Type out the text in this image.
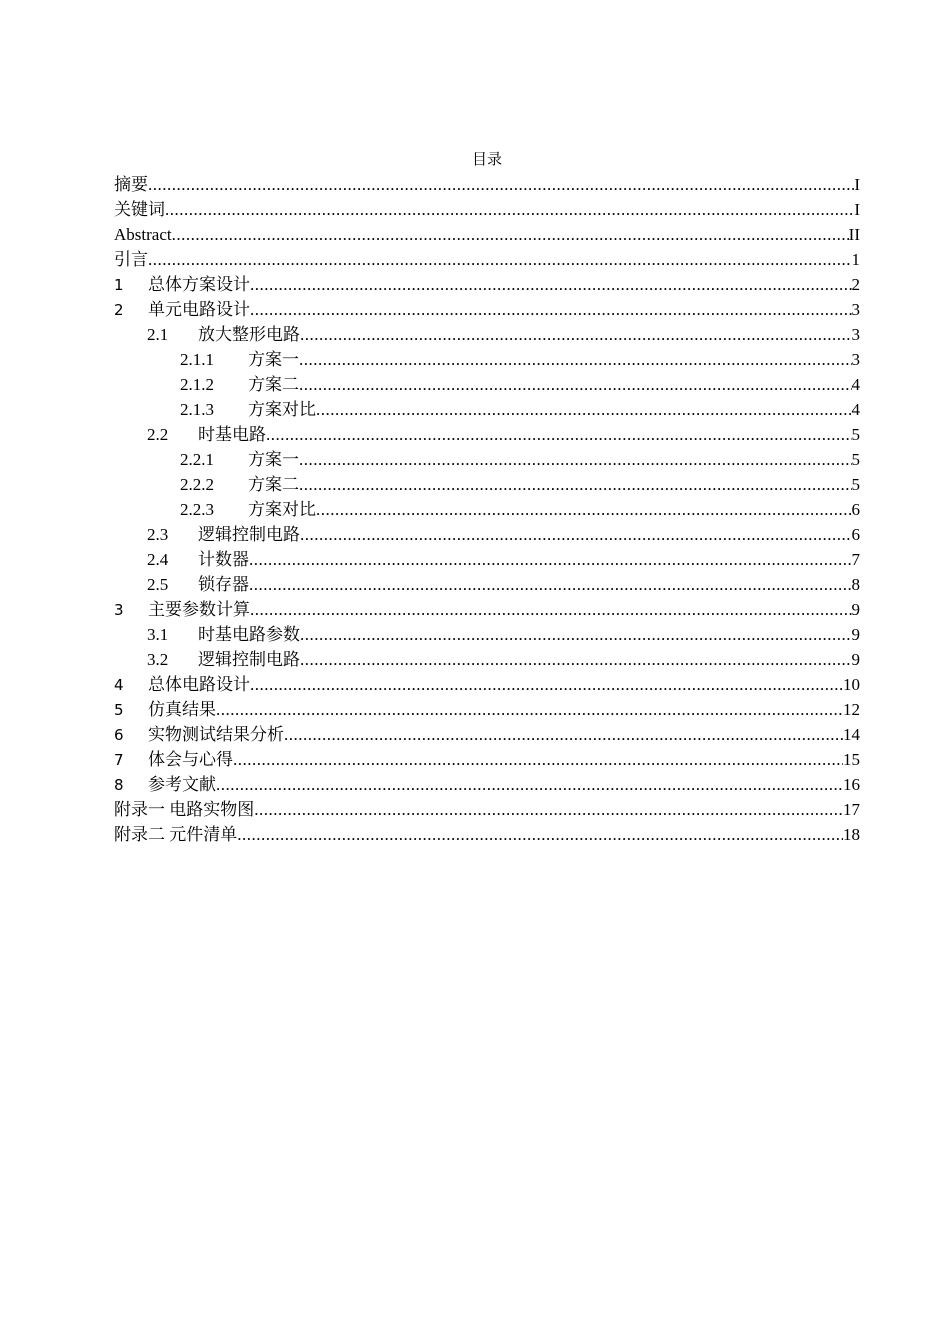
目录
摘要 .....	I
关键词 .....	I
Abstract .....	II
引言 .....	1
1	总体方案设计 .....	2
2	单元电路设计 .....	3
2.1	放大整形电路 .....	3
2.1.1	方案一 .....	3
2.1.2	方案二 .....	4
2.1.3	方案对比 .....	4
2.2	时基电路 .....	5
2.2.1	方案一 .....	5
2.2.2	方案二 .....	5
2.2.3	方案对比 .....	6
2.3	逻辑控制电路 .....	6
2.4	计数器 .....	7
2.5	锁存器 .....	8
3	主要参数计算 .....	9
3.1	时基电路参数 .....	9
3.2	逻辑控制电路 .....	9
4	总体电路设计 .....	10
5	仿真结果 .....	12
6	实物测试结果分析 .....	14
7	体会与心得 .....	15
8	参考文献 .....	16
附录一 电路实物图 .....	17
附录二 元件清单 .....	18
